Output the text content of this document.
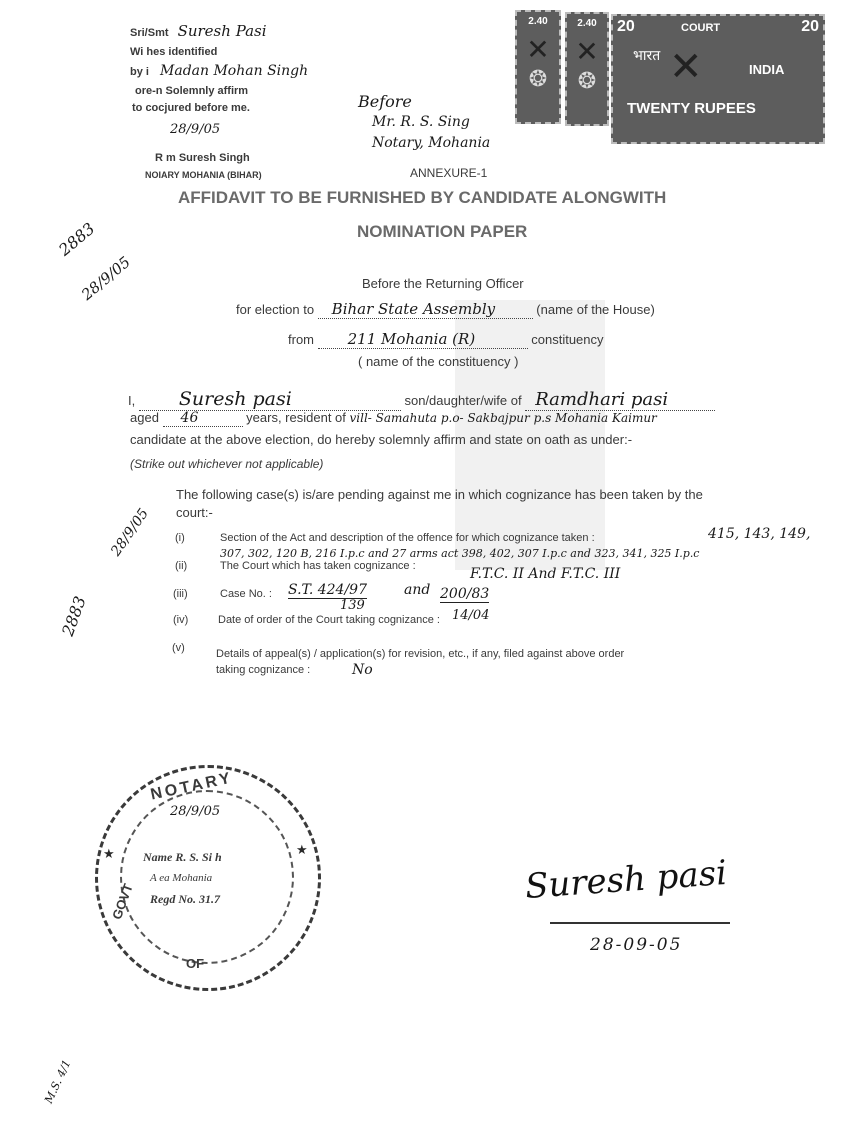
Sri/Smt Suresh Pasi
Wi hes identified
by i Madan Mohan Singh
ore-n Solemnly affirm
to cocjured before me.
28/9/05
R m Suresh Singh
NOIARY MOHANIA (BIHAR)
Before
Mr. R. S. Sing
Notary, Mohania
2.40
✕
❂
2.40
✕
❂
20	20
COURT
भारत
INDIA
✕
TWENTY RUPEES
ANNEXURE-1
AFFIDAVIT TO BE FURNISHED BY CANDIDATE ALONGWITH
NOMINATION PAPER
2883
28/9/05	Before the Returning Officer
for election to Bihar State Assembly	(name of the House)
from 211 Mohania (R)	constituency
( name of the constituency )
I, Suresh pasi	son/daughter/wife of Ramdhari pasi
aged 46	years, resident of vill- Samahuta p.o- Sakbajpur p.s Mohania Kaimur
candidate at the above election, do hereby solemnly affirm and state on oath as under:-
(Strike out whichever not applicable)
The following case(s) is/are pending against me in which cognizance has been taken by the
court:-
(i)	Section of the Act and description of the offence for which cognizance taken :	415, 143, 149,
307, 302, 120 B, 216 I.p.c and 27 arms act 398, 402, 307 I.p.c and 323, 341, 325 I.p.c
(ii)	The Court which has taken cognizance :	F.T.C. II And F.T.C. III
(iii)	Case No. : S.T. 424/97	and 200/83
139
(iv)	Date of order of the Court taking cognizance : 14/04
(v)	Details of appeal(s) / application(s) for revision, etc., if any, filed against above order
taking cognizance :	No
2883
28/9/05
NOTARY
28/9/05
★	★
Name R. S. Si h
A ea Mohania
Regd No. 31.7
GOVT
OF
Suresh pasi
28-09-05
M.S. 4/1
